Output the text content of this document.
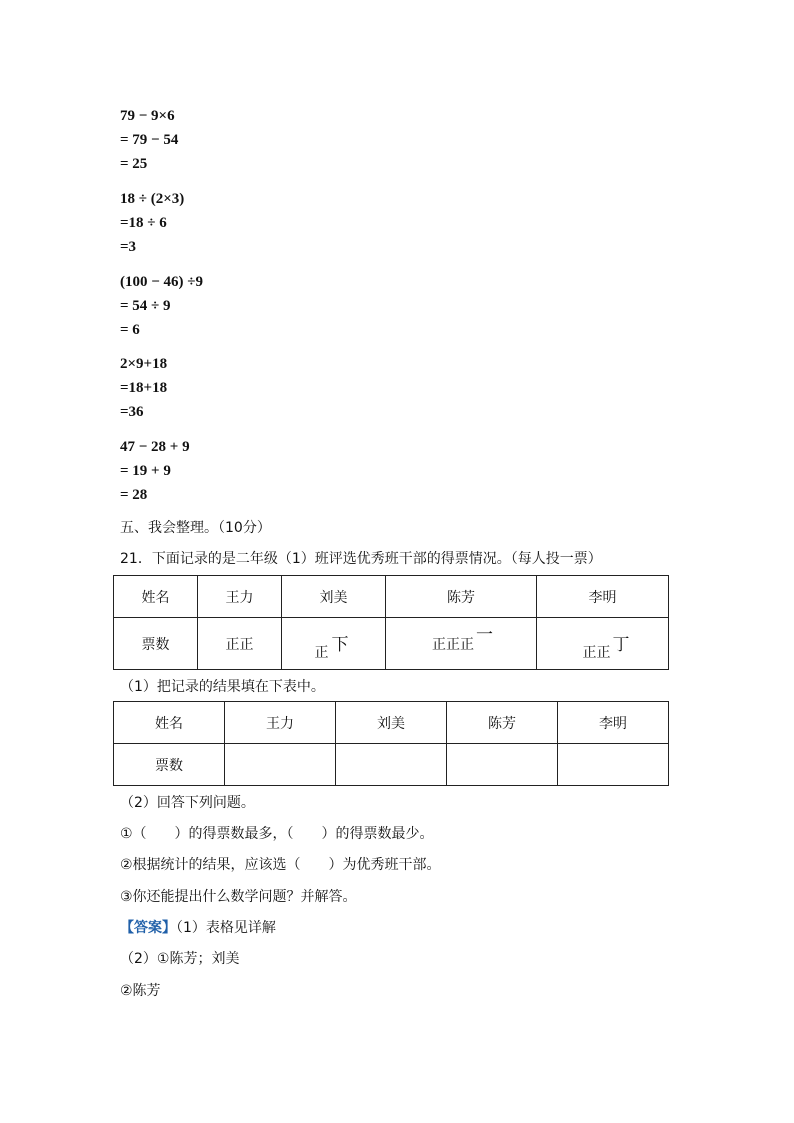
79 − 9×6
= 79 − 54
= 25
18 ÷ (2×3)
=18 ÷ 6
=3
(100 − 46) ÷9
= 54 ÷ 9
= 6
2×9+18
=18+18
=36
47 − 28 + 9
= 19 + 9
= 28
五、我会整理。（10分）
21．下面记录的是二年级（1）班评选优秀班干部的得票情况。（每人投一票）
姓名	王力	刘美	陈芳	李明
票数	正正	正 下	正正正 一	正正 丁
（1）把记录的结果填在下表中。
姓名	王力	刘美	陈芳	李明
票数				
（2）回答下列问题。
①（　　）的得票数最多，（　　）的得票数最少。
②根据统计的结果，应该选（　　）为优秀班干部。
③你还能提出什么数学问题？并解答。
【答案】（1）表格见详解
（2）①陈芳；刘美
②陈芳
